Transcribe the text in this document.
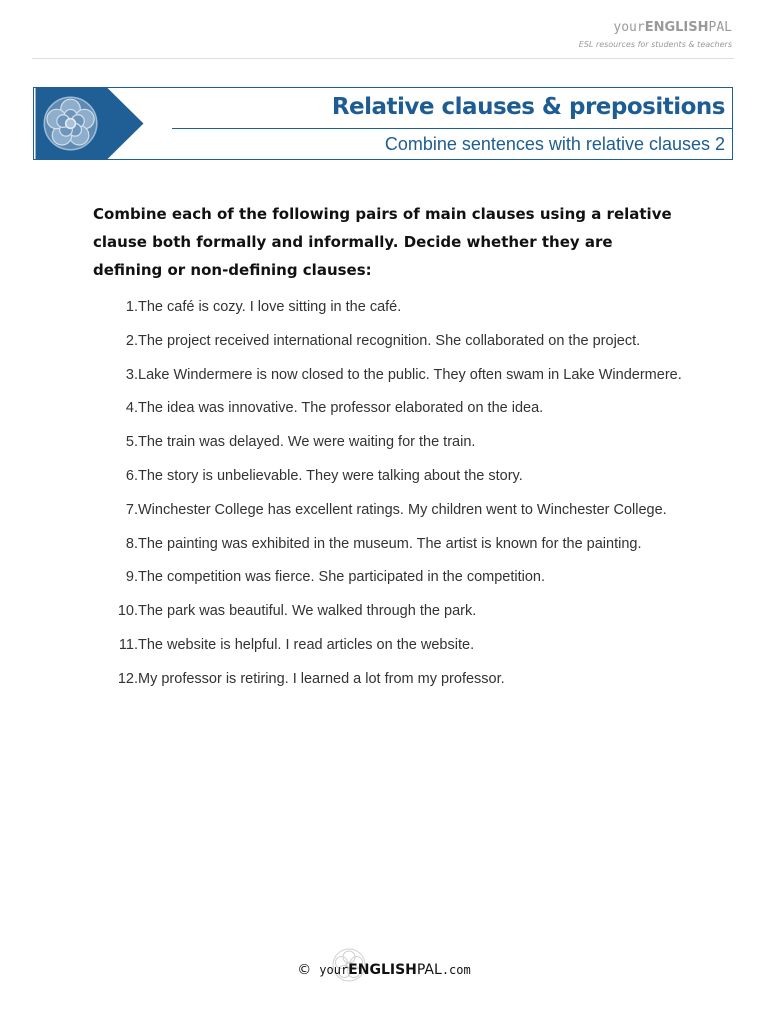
yourENGLISHPAL
ESL resources for students & teachers
Relative clauses & prepositions
Combine sentences with relative clauses 2
Combine each of the following pairs of main clauses using a relative clause both formally and informally. Decide whether they are defining or non-defining clauses:
1. The café is cozy. I love sitting in the café.
2. The project received international recognition. She collaborated on the project.
3. Lake Windermere is now closed to the public. They often swam in Lake Windermere.
4. The idea was innovative. The professor elaborated on the idea.
5. The train was delayed. We were waiting for the train.
6. The story is unbelievable. They were talking about the story.
7. Winchester College has excellent ratings. My children went to Winchester College.
8. The painting was exhibited in the museum. The artist is known for the painting.
9. The competition was fierce. She participated in the competition.
10. The park was beautiful. We walked through the park.
11. The website is helpful. I read articles on the website.
12. My professor is retiring. I learned a lot from my professor.
© yourENGLISHPAL.com
